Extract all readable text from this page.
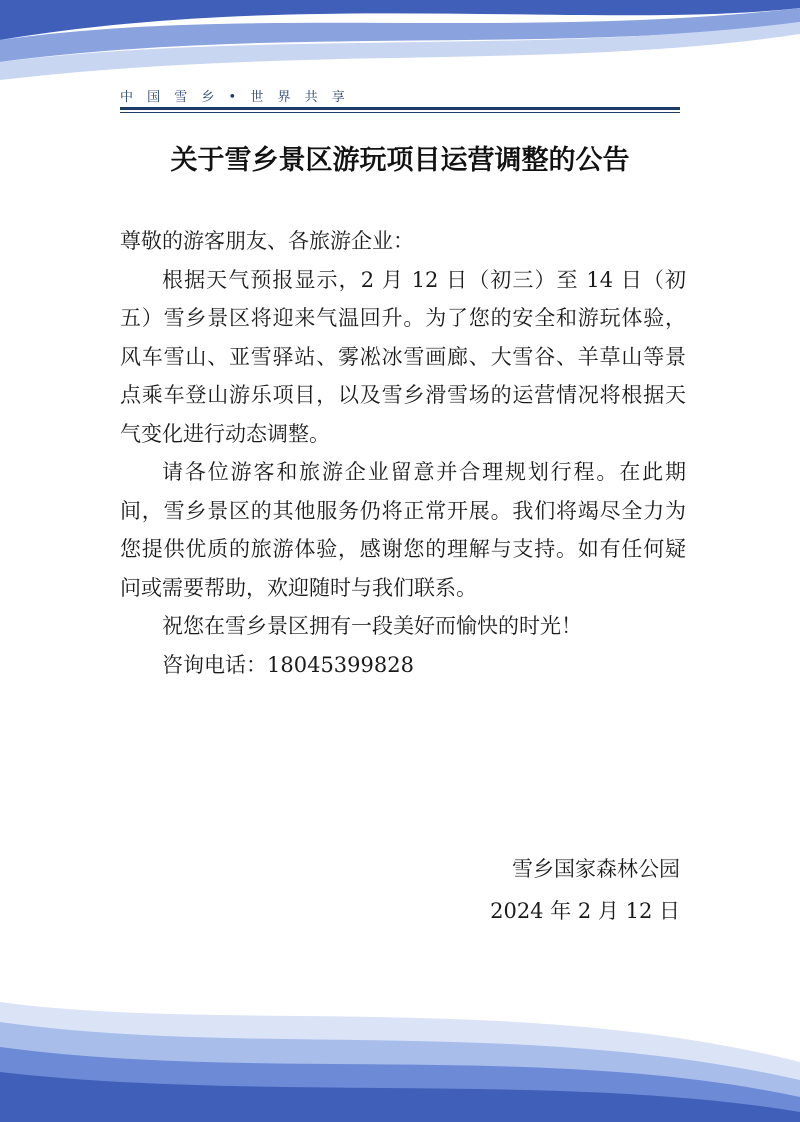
中 国 雪 乡 • 世 界 共 享
关于雪乡景区游玩项目运营调整的公告

尊敬的游客朋友、各旅游企业：

根据天气预报显示，2 月 12 日（初三）至 14 日（初五）雪乡景区将迎来气温回升。为了您的安全和游玩体验，风车雪山、亚雪驿站、雾凇冰雪画廊、大雪谷、羊草山等景点乘车登山游乐项目，以及雪乡滑雪场的运营情况将根据天气变化进行动态调整。

请各位游客和旅游企业留意并合理规划行程。在此期间，雪乡景区的其他服务仍将正常开展。我们将竭尽全力为您提供优质的旅游体验，感谢您的理解与支持。如有任何疑问或需要帮助，欢迎随时与我们联系。

祝您在雪乡景区拥有一段美好而愉快的时光！

咨询电话：18045399828

雪乡国家森林公园
2024 年 2 月 12 日
